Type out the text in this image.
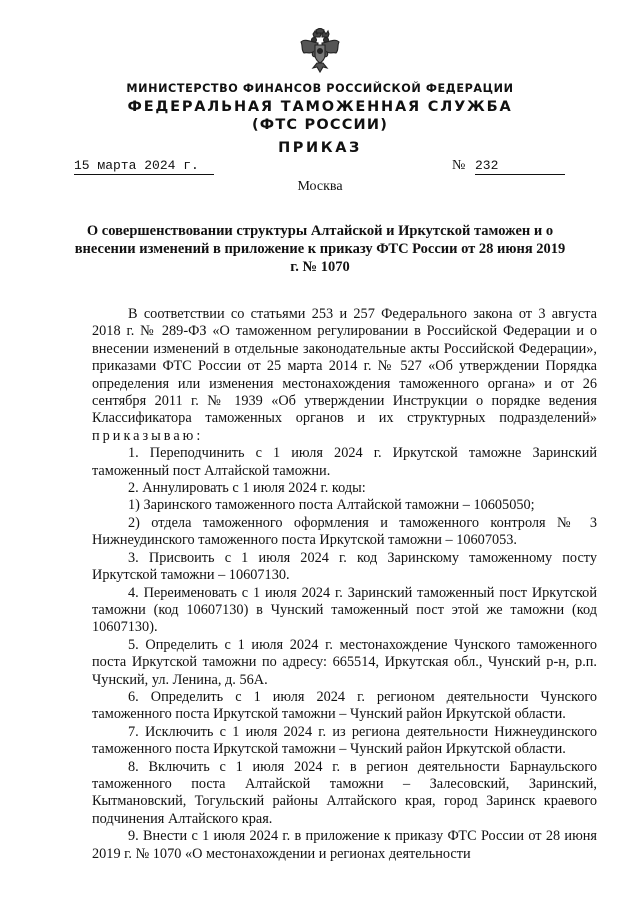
МИНИСТЕРСТВО ФИНАНСОВ РОССИЙСКОЙ ФЕДЕРАЦИИ
ФЕДЕРАЛЬНАЯ ТАМОЖЕННАЯ СЛУЖБА
(ФТС РОССИИ)
ПРИКАЗ
15 марта 2024 г.	№ 232
Москва
О совершенствовании структуры Алтайской и Иркутской таможен и о внесении изменений в приложение к приказу ФТС России от 28 июня 2019 г. № 1070

В соответствии со статьями 253 и 257 Федерального закона от 3 августа 2018 г. № 289-ФЗ «О таможенном регулировании в Российской Федерации и о внесении изменений в отдельные законодательные акты Российской Федерации», приказами ФТС России от 25 марта 2014 г. № 527 «Об утверждении Порядка определения или изменения местонахождения таможенного органа» и от 26 сентября 2011 г. № 1939 «Об утверждении Инструкции о порядке ведения Классификатора таможенных органов и их структурных подразделений» приказываю:

1. Переподчинить с 1 июля 2024 г. Иркутской таможне Заринский таможенный пост Алтайской таможни.

2. Аннулировать с 1 июля 2024 г. коды:

1) Заринского таможенного поста Алтайской таможни – 10605050;

2) отдела таможенного оформления и таможенного контроля № 3 Нижнеудинского таможенного поста Иркутской таможни – 10607053.

3. Присвоить с 1 июля 2024 г. код Заринскому таможенному посту Иркутской таможни – 10607130.

4. Переименовать с 1 июля 2024 г. Заринский таможенный пост Иркутской таможни (код 10607130) в Чунский таможенный пост этой же таможни (код 10607130).

5. Определить с 1 июля 2024 г. местонахождение Чунского таможенного поста Иркутской таможни по адресу: 665514, Иркутская обл., Чунский р-н, р.п. Чунский, ул. Ленина, д. 56А.

6. Определить с 1 июля 2024 г. регионом деятельности Чунского таможенного поста Иркутской таможни – Чунский район Иркутской области.

7. Исключить с 1 июля 2024 г. из региона деятельности Нижнеудинского таможенного поста Иркутской таможни – Чунский район Иркутской области.

8. Включить с 1 июля 2024 г. в регион деятельности Барнаульского таможенного поста Алтайской таможни – Залесовский, Заринский, Кытмановский, Тогульский районы Алтайского края, город Заринск краевого подчинения Алтайского края.

9. Внести с 1 июля 2024 г. в приложение к приказу ФТС России от 28 июня 2019 г. № 1070 «О местонахождении и регионах деятельности
